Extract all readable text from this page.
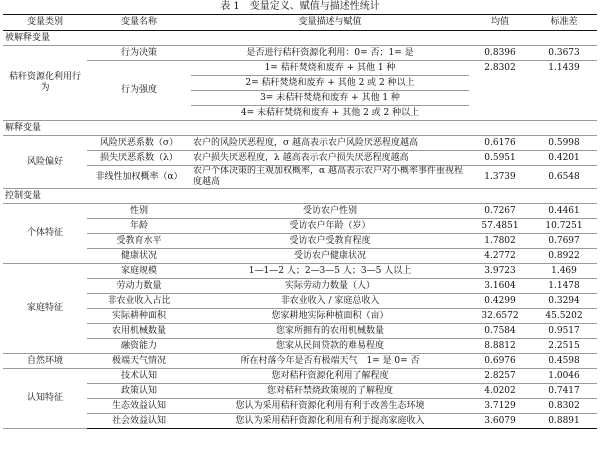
表 1　变量定义、赋值与描述性统计
变量类别	变量名称	变量描述与赋值	均值	标准差
被解释变量				
秸秆资源化利用行为	行为决策	是否进行秸秆资源化利用：0= 否；1= 是	0.8396	0.3673
	行为强度	1= 秸秆焚烧和废弃 + 其他 1 种	2.8302	1.1439
		2= 秸秆焚烧和废弃 + 其他 2 或 2 种以上		
		3= 未秸秆焚烧和废弃 + 其他 1 种		
		4= 未秸秆焚烧和废弃 + 其他 2 或 2 种以上		
解释变量				
风险偏好	风险厌恶系数（σ）	农户的风险厌恶程度，σ 越高表示农户风险厌恶程度越高	0.6176	0.5998
	损失厌恶系数（λ）	农户损失厌恶程度，λ 越高表示农户损失厌恶程度越高	0.5951	0.4201
	非线性加权概率（α）	农户个体决策的主观加权概率，α 越高表示农户对小概率事件重视程度越高	1.3739	0.6548
控制变量				
个体特征	性别	受访农户性别	0.7267	0.4461
	年龄	受访农户年龄（岁）	57.4851	10.7251
	受教育水平	受访农户受教育程度	1.7802	0.7697
	健康状况	受访农户健康状况	4.2772	0.8922
家庭特征	家庭规模	1—1—2 人；2—3—5 人；3—5 人以上	3.9723	1.469
	劳动力数量	实际劳动力数量（人）	3.1604	1.1478
	非农业收入占比	非农业收入 / 家庭总收入	0.4299	0.3294
	实际耕种面积	您家耕地实际种植面积（亩）	32.6572	45.5202
	农用机械数量	您家所拥有的农用机械数量	0.7584	0.9517
	融资能力	您家从民间贷款的难易程度	8.8812	2.2515
自然环境	极端天气情况	所在村落今年是否有极端天气　1= 是 0= 否	0.6976	0.4598
认知特征	技术认知	您对秸秆资源化利用了解程度	2.8257	1.0046
	政策认知	您对秸秆禁烧政策规的了解程度	4.0202	0.7417
	生态效益认知	您认为采用秸秆资源化利用有利于改善生态环境	3.7129	0.8302
	社会效益认知	您认为采用秸秆资源化利用有利于提高家庭收入	3.6079	0.8891
